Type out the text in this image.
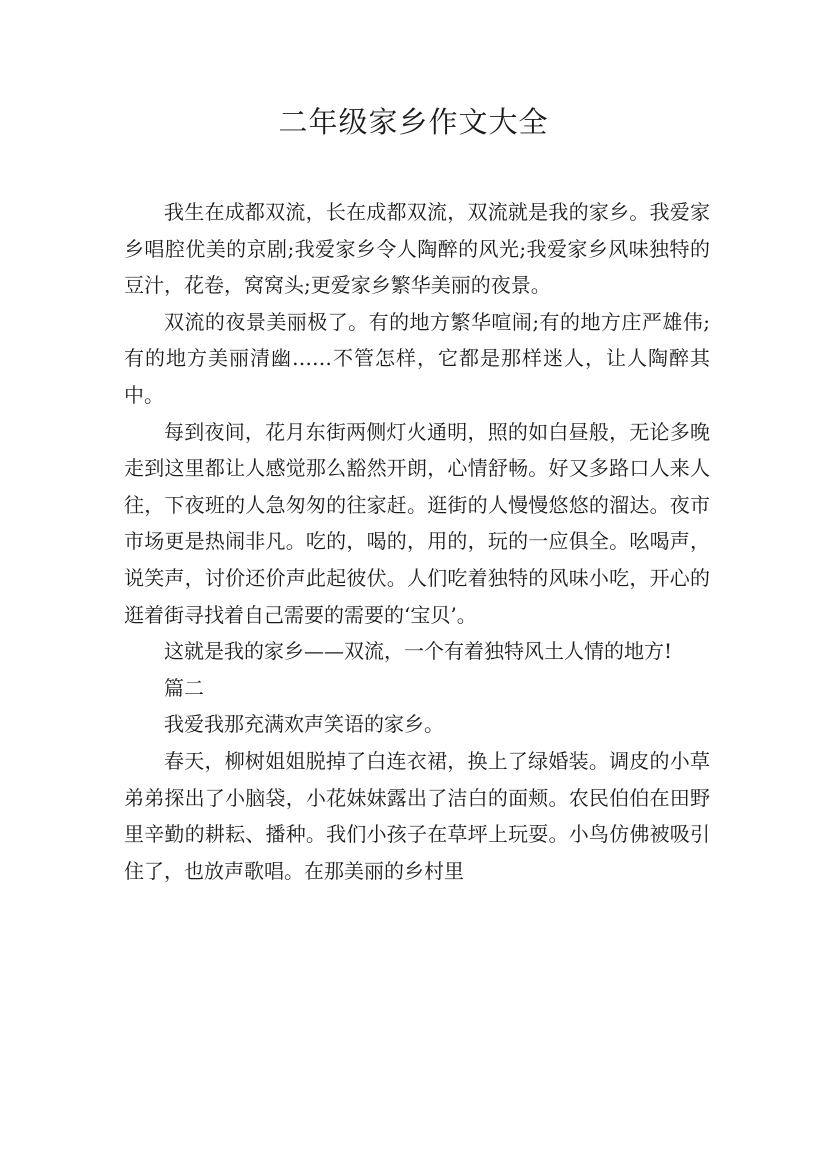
二年级家乡作文大全

我生在成都双流，长在成都双流，双流就是我的家乡。我爱家乡唱腔优美的京剧;我爱家乡令人陶醉的风光;我爱家乡风味独特的豆汁，花卷，窝窝头;更爱家乡繁华美丽的夜景。

双流的夜景美丽极了。有的地方繁华喧闹;有的地方庄严雄伟;有的地方美丽清幽……不管怎样，它都是那样迷人，让人陶醉其中。

每到夜间，花月东街两侧灯火通明，照的如白昼般，无论多晚走到这里都让人感觉那么豁然开朗，心情舒畅。好又多路口人来人往，下夜班的人急匆匆的往家赶。逛街的人慢慢悠悠的溜达。夜市市场更是热闹非凡。吃的，喝的，用的，玩的一应俱全。吆喝声，说笑声，讨价还价声此起彼伏。人们吃着独特的风味小吃，开心的逛着街寻找着自己需要的需要的‘宝贝’。

这就是我的家乡——双流，一个有着独特风土人情的地方!

篇二

我爱我那充满欢声笑语的家乡。

春天，柳树姐姐脱掉了白连衣裙，换上了绿婚装。调皮的小草弟弟探出了小脑袋，小花妹妹露出了洁白的面颊。农民伯伯在田野里辛勤的耕耘、播种。我们小孩子在草坪上玩耍。小鸟仿佛被吸引住了，也放声歌唱。在那美丽的乡村里
